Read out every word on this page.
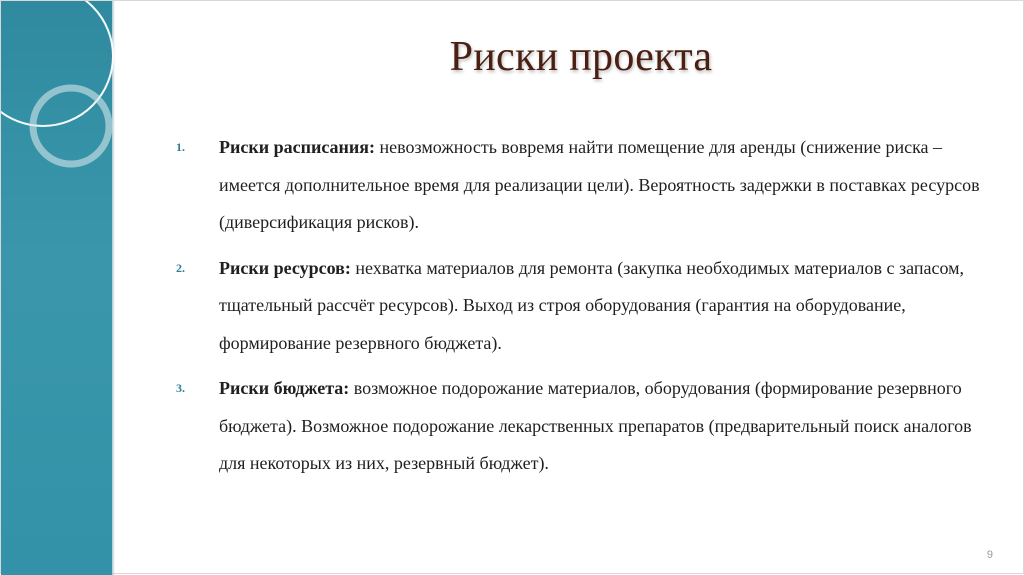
Риски проекта
1. Риски расписания: невозможность вовремя найти помещение для аренды (снижение риска – имеется дополнительное время для реализации цели). Вероятность задержки в поставках ресурсов (диверсификация рисков).
2. Риски ресурсов: нехватка материалов для ремонта (закупка необходимых материалов с запасом, тщательный рассчёт ресурсов). Выход из строя оборудования (гарантия на оборудование, формирование резервного бюджета).
3. Риски бюджета: возможное подорожание материалов, оборудования (формирование резервного бюджета). Возможное подорожание лекарственных препаратов (предварительный поиск аналогов для некоторых из них, резервный бюджет).
9
